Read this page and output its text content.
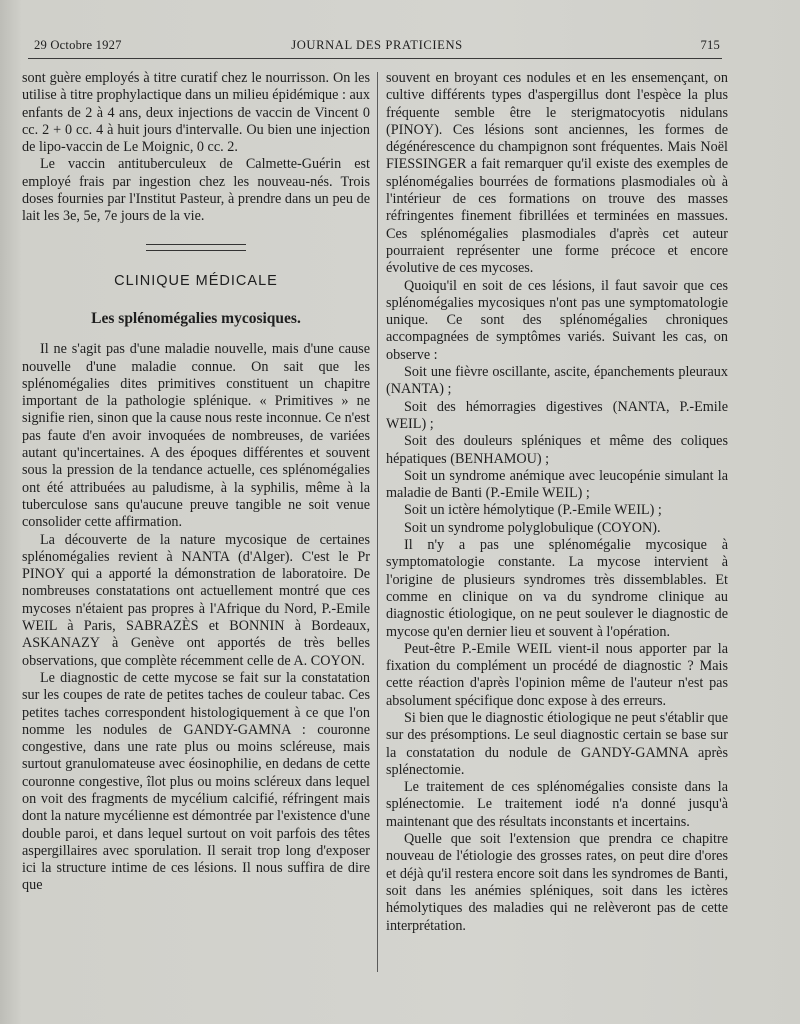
29 Octobre 1927	JOURNAL DES PRATICIENS	715

sont guère employés à titre curatif chez le nourrisson. On les utilise à titre prophylactique dans un milieu épidémique : aux enfants de 2 à 4 ans, deux injections de vaccin de Vincent 0 cc. 2 + 0 cc. 4 à huit jours d'intervalle. Ou bien une injection de lipo-vaccin de Le Moignic, 0 cc. 2.

Le vaccin antituberculeux de Calmette-Guérin est employé frais par ingestion chez les nouveau-nés. Trois doses fournies par l'Institut Pasteur, à prendre dans un peu de lait les 3e, 5e, 7e jours de la vie.

CLINIQUE MÉDICALE
Les splénomégalies mycosiques.

Il ne s'agit pas d'une maladie nouvelle, mais d'une cause nouvelle d'une maladie connue. On sait que les splénomégalies dites primitives constituent un chapitre important de la pathologie splénique. « Primitives » ne signifie rien, sinon que la cause nous reste inconnue. Ce n'est pas faute d'en avoir invoquées de nombreuses, de variées autant qu'incertaines. A des époques différentes et souvent sous la pression de la tendance actuelle, ces splénomégalies ont été attribuées au paludisme, à la syphilis, même à la tuberculose sans qu'aucune preuve tangible ne soit venue consolider cette affirmation.

La découverte de la nature mycosique de certaines splénomégalies revient à NANTA (d'Alger). C'est le Pr PINOY qui a apporté la démonstration de laboratoire. De nombreuses constatations ont actuellement montré que ces mycoses n'étaient pas propres à l'Afrique du Nord, P.-Emile WEIL à Paris, SABRAZÈS et BONNIN à Bordeaux, ASKANAZY à Genève ont apportés de très belles observations, que complète récemment celle de A. COYON.

Le diagnostic de cette mycose se fait sur la constatation sur les coupes de rate de petites taches de couleur tabac. Ces petites taches correspondent histologiquement à ce que l'on nomme les nodules de GANDY-GAMNA : couronne congestive, dans une rate plus ou moins scléreuse, mais surtout granulomateuse avec éosinophilie, en dedans de cette couronne congestive, îlot plus ou moins scléreux dans lequel on voit des fragments de mycélium calcifié, réfringent mais dont la nature mycélienne est démontrée par l'existence d'une double paroi, et dans lequel surtout on voit parfois des têtes aspergillaires avec sporulation. Il serait trop long d'exposer ici la structure intime de ces lésions. Il nous suffira de dire que

souvent en broyant ces nodules et en les ensemençant, on cultive différents types d'aspergillus dont l'espèce la plus fréquente semble être le sterigmatocyotis nidulans (PINOY). Ces lésions sont anciennes, les formes de dégénérescence du champignon sont fréquentes. Mais Noël FIESSINGER a fait remarquer qu'il existe des exemples de splénomégalies bourrées de formations plasmodiales où à l'intérieur de ces formations on trouve des masses réfringentes finement fibrillées et terminées en massues. Ces splénomégalies plasmodiales d'après cet auteur pourraient représenter une forme précoce et encore évolutive de ces mycoses.

Quoiqu'il en soit de ces lésions, il faut savoir que ces splénomégalies mycosiques n'ont pas une symptomatologie unique. Ce sont des splénomégalies chroniques accompagnées de symptômes variés. Suivant les cas, on observe :

Soit une fièvre oscillante, ascite, épanchements pleuraux (NANTA) ;

Soit des hémorragies digestives (NANTA, P.-Emile WEIL) ;

Soit des douleurs spléniques et même des coliques hépatiques (BENHAMOU) ;

Soit un syndrome anémique avec leucopénie simulant la maladie de Banti (P.-Emile WEIL) ;

Soit un ictère hémolytique (P.-Emile WEIL) ;

Soit un syndrome polyglobulique (COYON).

Il n'y a pas une splénomégalie mycosique à symptomatologie constante. La mycose intervient à l'origine de plusieurs syndromes très dissemblables. Et comme en clinique on va du syndrome clinique au diagnostic étiologique, on ne peut soulever le diagnostic de mycose qu'en dernier lieu et souvent à l'opération.

Peut-être P.-Emile WEIL vient-il nous apporter par la fixation du complément un procédé de diagnostic ? Mais cette réaction d'après l'opinion même de l'auteur n'est pas absolument spécifique donc expose à des erreurs.

Si bien que le diagnostic étiologique ne peut s'établir que sur des présomptions. Le seul diagnostic certain se base sur la constatation du nodule de GANDY-GAMNA après splénectomie.

Le traitement de ces splénomégalies consiste dans la splénectomie. Le traitement iodé n'a donné jusqu'à maintenant que des résultats inconstants et incertains.

Quelle que soit l'extension que prendra ce chapitre nouveau de l'étiologie des grosses rates, on peut dire d'ores et déjà qu'il restera encore soit dans les syndromes de Banti, soit dans les anémies spléniques, soit dans les ictères hémolytiques des maladies qui ne relèveront pas de cette interprétation.
